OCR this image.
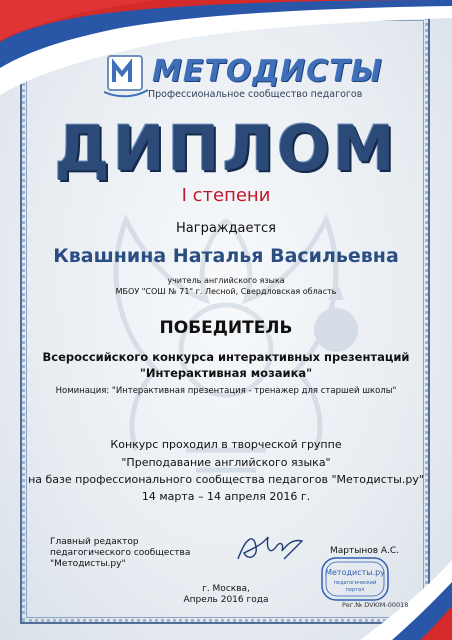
МЕТОДИСТЫ
Профессиональное сообщество педагогов
ДИПЛОМ
I степени
Награждается
Квашнина Наталья Васильевна
учитель английского языка
МБОУ "СОШ № 71" г. Лесной, Свердловская область
ПОБЕДИТЕЛЬ
Всероссийского конкурса интерактивных презентаций
"Интерактивная мозаика"
Номинация: "Интерактивная презентация - тренажер для старшей школы"
Конкурс проходил в творческой группе
"Преподавание английского языка"
на базе профессионального сообщества педагогов "Методисты.ру"
14 марта – 14 апреля 2016 г.
Главный редактор
педагогического сообщества
"Методисты.ру"
Мартынов А.С.
г. Москва,
Апрель 2016 года
Методисты.ру
педагогический
портал
Рег.№ DVKIM-00018
